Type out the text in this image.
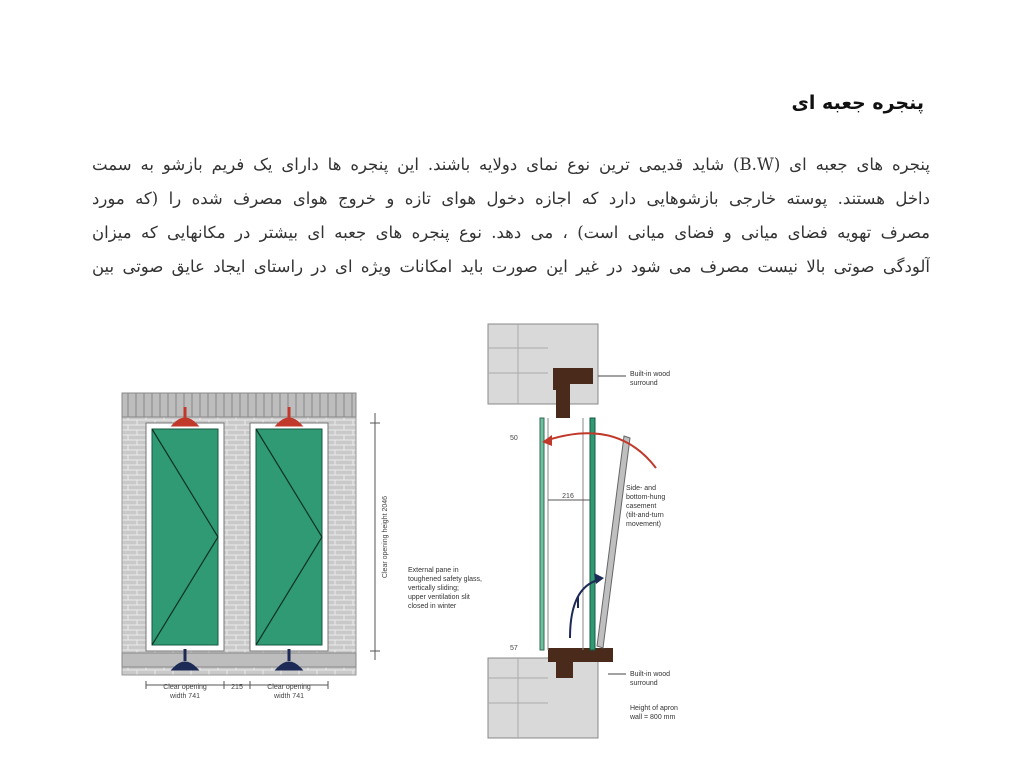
پنجره جعبه ای
پنجره های جعبه ای (B.W) شاید قدیمی ترین نوع نمای دولایه باشند. این پنجره ها دارای یک فریم بازشو به سمت
داخل هستند. پوسته خارجی بازشوهایی دارد که اجازه دخول هوای تازه و خروج هوای مصرف شده را (که مورد
مصرف تهویه فضای میانی و فضای میانی است) ، می دهد. نوع پنجره های جعبه ای بیشتر در مکانهایی که میزان
آلودگی صوتی بالا نیست مصرف می شود در غیر این صورت باید امکانات ویژه ای در راستای ایجاد عایق صوتی بین
Clear opening height 2046
Clear opening
width 741
215	Clear opening
width 741
216
Built-in wood
surround
50
Side- and
bottom-hung
casement
(tilt-and-turn
movement)
External pane in
toughened safety glass,
vertically sliding;
upper ventilation slit
closed in winter
57
Built-in wood
surround
Height of apron
wall = 800 mm
